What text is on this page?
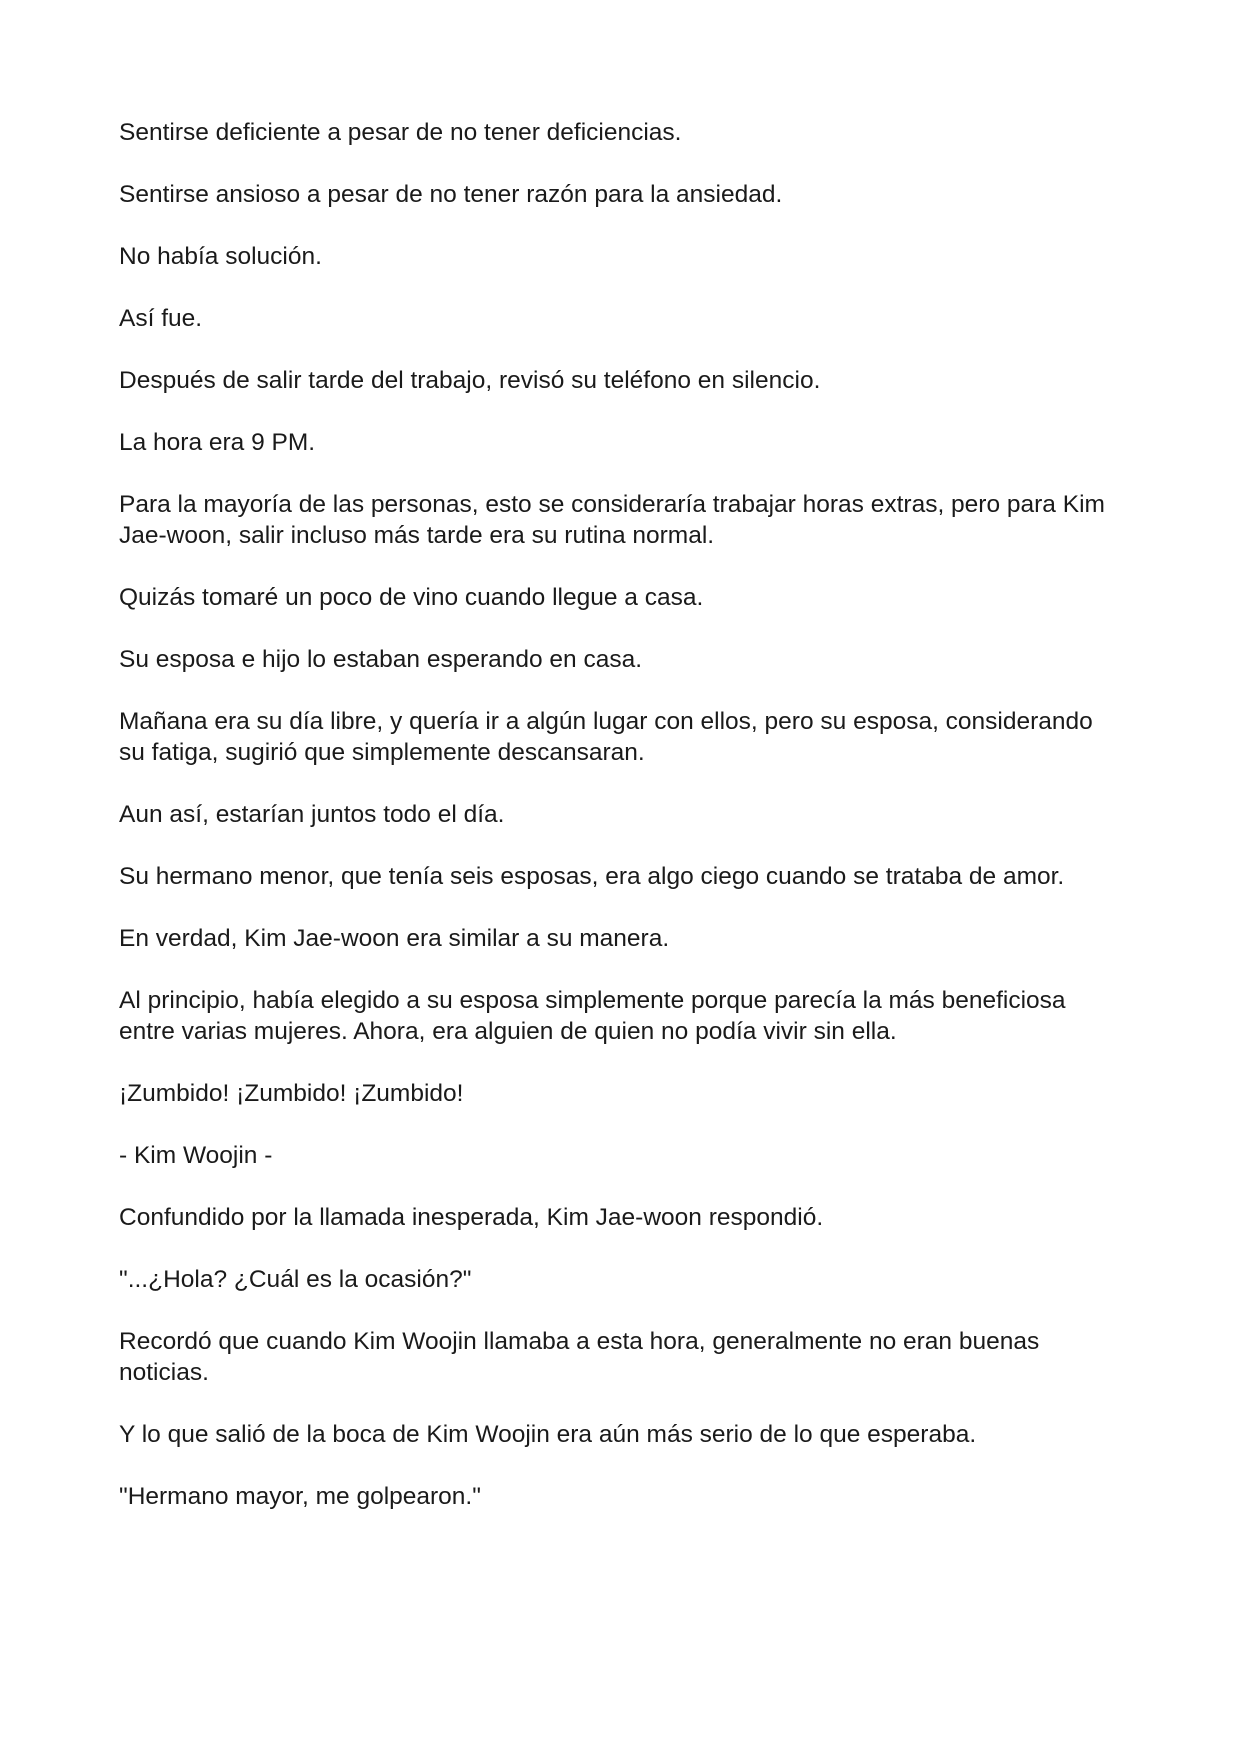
Sentirse deficiente a pesar de no tener deficiencias.

Sentirse ansioso a pesar de no tener razón para la ansiedad.

No había solución.

Así fue.

Después de salir tarde del trabajo, revisó su teléfono en silencio.

La hora era 9 PM.

Para la mayoría de las personas, esto se consideraría trabajar horas extras, pero para Kim Jae-woon, salir incluso más tarde era su rutina normal.

Quizás tomaré un poco de vino cuando llegue a casa.

Su esposa e hijo lo estaban esperando en casa.

Mañana era su día libre, y quería ir a algún lugar con ellos, pero su esposa, considerando su fatiga, sugirió que simplemente descansaran.

Aun así, estarían juntos todo el día.

Su hermano menor, que tenía seis esposas, era algo ciego cuando se trataba de amor.

En verdad, Kim Jae-woon era similar a su manera.

Al principio, había elegido a su esposa simplemente porque parecía la más beneficiosa entre varias mujeres. Ahora, era alguien de quien no podía vivir sin ella.

¡Zumbido! ¡Zumbido! ¡Zumbido!

- Kim Woojin -

Confundido por la llamada inesperada, Kim Jae-woon respondió.

"...¿Hola? ¿Cuál es la ocasión?"

Recordó que cuando Kim Woojin llamaba a esta hora, generalmente no eran buenas noticias.

Y lo que salió de la boca de Kim Woojin era aún más serio de lo que esperaba.

"Hermano mayor, me golpearon."
